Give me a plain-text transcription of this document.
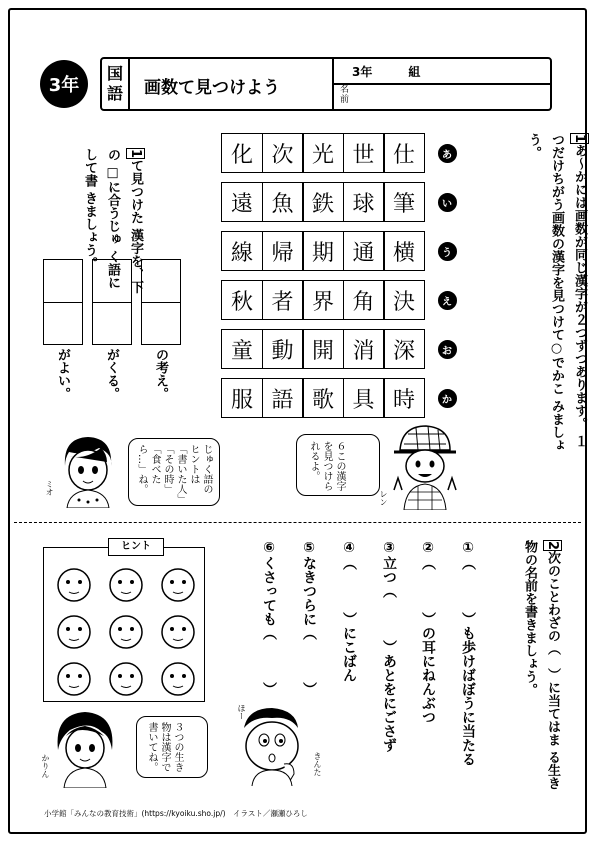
3年
国語 画数て見つけよう
3年　　　組
名前
1あ〜かには画数が同じ漢字が２つずつあります。 １つだけちがう画数の漢字を見つけて○でかこ みましょう。
化 次 光 世 仕	あ
遠 魚 鉄 球 筆	い
線 帰 期 通 横	う
秋 者 界 角 決	え
童 動 開 消 深	お
服 語 歌 具 時	か
1て見つけた 漢字を、下の □に合うじゅ く語にして書 きましょう。
の考え。
がくる。
がよい。
ミオ	じゅく語のヒントは「書いた人」「その時」「食べたら…」ね。	６この漢字を見つけられるよ。
レン
2次のことわざの（　）に当てはま る生き物の名前を書きましょう。
①（　　　）も歩けばぼうに当たる
②（　　　）の耳にねんぶつ
③立つ（　　　）あとをにごさず
④（　　　）にこばん
⑤なきつらに（　　　）
⑥くさっても（　　　）
ヒント
かりん	３つの生き物は漢字で書いてね。
ほー
きんた
小学館「みんなの教育技術」(https://kyoiku.sho.jp/)　イラスト／瀬瀬ひろし
